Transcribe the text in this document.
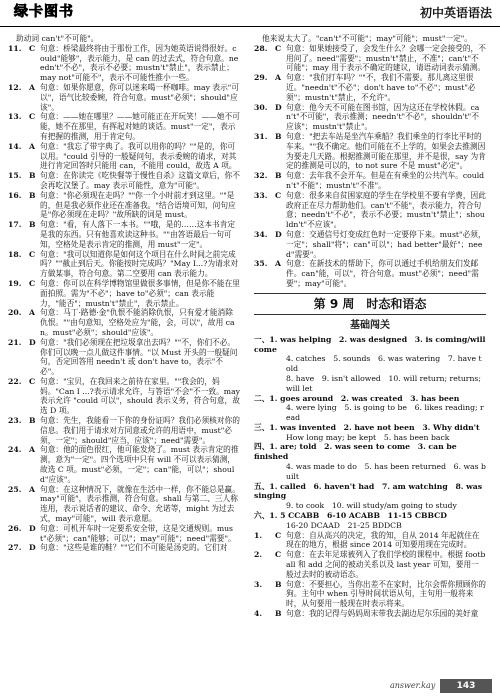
绿卡图书	初中英语语法
助动词 can't"不可能"。
11. C 句意：桥梁最终将由于那份工作，因为她英语说得很好。could"能够"，表示能力，是 can 的过去式，符合句意。needn't"不必"，表示不必要；mustn't"禁止"，表示禁止；may not"可能不"，表示不可能性推小一些。
12. A 句意：如果你愿意，你可以迷来喝一杯咖啡。may 表示"可以"，语气比较委婉，符合句意。must"必须"；should"应该"。
13. C 句意：——她在哪里？——她可能正在开玩笑！——她不可能，她不在那里，有挥起对她的谈话。must"一定"，表示有把握的推测，用于肯定句。
14. A 句意："我忘了带字典了。我可以用你的吗？""是的，你可以用。"could 引导的一般疑问句，表示委婉的请求，对其进行肯定回答时只能用 can，不能用 could，故选 A 项。
15. B 句意：在你读完《吃快餐等于慢性自杀》这篇文章后，你不会再吃汉堡了。may 表示可能性，意为"可能"。
16. B 句意："你必须现在走吗？""你一个小时前才到这里。""是的，但是我必须作业还在准备我。"结合语境可知，问句应是"你必须现在走吗？"故所缺的词是 must。
17. B 句意："看，有人落下一本书。""哦，是的……这本书肯定是我的东西。只有他喜欢读这种书。""由答语最后一句可知，空格处是表示肯定的推测，用 must"一定"。
18. C 句意："我可以知道你是如何这个项目在什么时间之前完成吗？""截止到后天。你能按时完成吗？"May I...?为请求对方做某事，符合句意。第二空要用 can 表示能力。
19. C 句意：你可以在科学博物馆里做很多事情，但是你不能在里面拍照。需为"不必"；have to"必须"；can 表示能力，"能否"；mustn't"禁止"，表示禁止。
20. A 句意：马丁·路德·金"仇恨不能消除仇恨，只有爱才能消除仇恨。""由句意知，空格处应为"能，会，可以"，故用 can。must"必须"；should"应该"。
21. D 句意："我们必须现在把垃圾拿出去吗？""不，你们不必。你们可以晚一点儿做这件事情。"以 Must 开头的一般疑问句，否定回答用 needn't 或 don't have to，表示"不必"。
22. C 句意："宝贝，在我回来之前待在家里。""我会的，妈妈。"Can I ...?表示请求允许，与答语"不会"不一致。may 表示允许 "could 可以"，should 表示义务，符合句意，故选 D 项。
23. B 句意：先生，我能看一下你的身份证吗？我们必须核对你的信息。我们用于请求对方同意或允许的用语中，must"必须，一定"；should"应当，应该"；need"需要"。
24. A 句意：他的面色很红，他可能发烧了。must 表示肯定的推测，意为"一定"。四个选项中只有 will 不可以表示猜测，故选 C 项。must"必须，一定"；can"能，可以"；should"应该"。
25. A 句意：在这种情况下，就像在生活中一样，你不能总是赢。may"可能"，表示推测，符合句意。shall 与第二、三人称连用，表示说话者的建议、命令、允诺等，might 为过去式，may"可能"，will 表示意愿。
26. D 句意：可机开车时一定要系安全带，这是交通规则。must"必须"；can"能够；可以"；may"可能"；need"需要"。
27. D 句意："这些是谁的鞋？""它们不可能是汤克的。它们对
他来说太大了。"can't"不可能"；may"可能"；must"一定"。
28. C 句意：如果她接受了，会发生什么？会哪一定会接受的，不用问了。need"需要"；mustn't"禁止，不准"；can't"不可能"；may 用于表示不确定的建议，请语动词表示猜测。
29. A 句意："我们打车吗？""不，我们不需要。那儿离这里很近。"needn't"不必"；don't have to"不必"；must"必须"；mustn't"禁止，不允许"。
30. D 句意：他今天不可能在图书馆，因为这还在学校休假。can't"不可能"，表示推测；needn't"不必"，shouldn't"不应该"；mustn't"禁止"。
31. B 句意："把去车站是坐汽车乘船？我们乘坐的行李比平时的车来。""我不确定。他们可能在不上学的，如果会去推测因为要走几天路。根据推测可能在那里，并不是很，say 为肯定的推测是可以的，to not sure 不是 must"必定"。
32. B 句意：去年我不会开车。但是在有乘坐的公共汽车。couldn't"不能"；mustn't"不准"。
33. C 句意：很多来自贫困家庭的学生在学校里不要有学费，因此政府正在尽力帮助他们。can't"不能"，表示能力，符合句意；needn't"不必"，表示不必要；mustn't"禁止"；shouldn't"不应该"。
34. D 句意：交通信号灯变成红色时一定要停下来。must"必须，一定"；shall"将"；can"可以"；had better"最好"；need"需要"。
35. A 句意：在新技术的帮助下，你可以通过手机给朋友们发邮件。can"能，可以"，符合句意。must"必须"；need"需要"；may"可能"。
第 9 周　时态和语态
基础闯关
一、1. was helping　2. was designed　3. is coming/will come
4. catches　5. sounds　6. was watering　7. have told
8. have　9. isn't allowed　10. will return; returns; will let
二、1. goes around　2. was created　3. has been
4. were lying　5. is going to be　6. likes reading; read
三、1. was invented　2. have not been　3. Why didn't
How long may; be kept　5. has been back
四、1. are; told　2. was seen to come　3. can be finished
4. was made to do　5. has been returned　6. was built
五、1. called　6. haven't had　7. am watching　8. was singing
9. to cook　10. will study/am going to study
六、1. 5 CCABB　6-10 ACABB　11-15 CBBCD
16-20 DCAAD　21-25 BDDCB
1.	C 句意：自从高兴的决定，我的知，自从 2014 年起就住在现在的地方，根据 since 2014 可知要用现在完成时。
2.	C 句意：在去年足球被列入了我们学校的课程中。根据 football 和 add 之间的被动关系以及 last year 可知，要用一般过去时的被动语态。
3.	B 句意：不要担心，当你出差不在家时，比尔会帮你照顾你的狗。主句中 when 引导时间状语从句，主句用一般将来时，从句要用一般现在时表示将来。
4.	B 句意：我的记得与妈妈周末带我去湖边尼尔乐园的美好童
answer.kay	143
